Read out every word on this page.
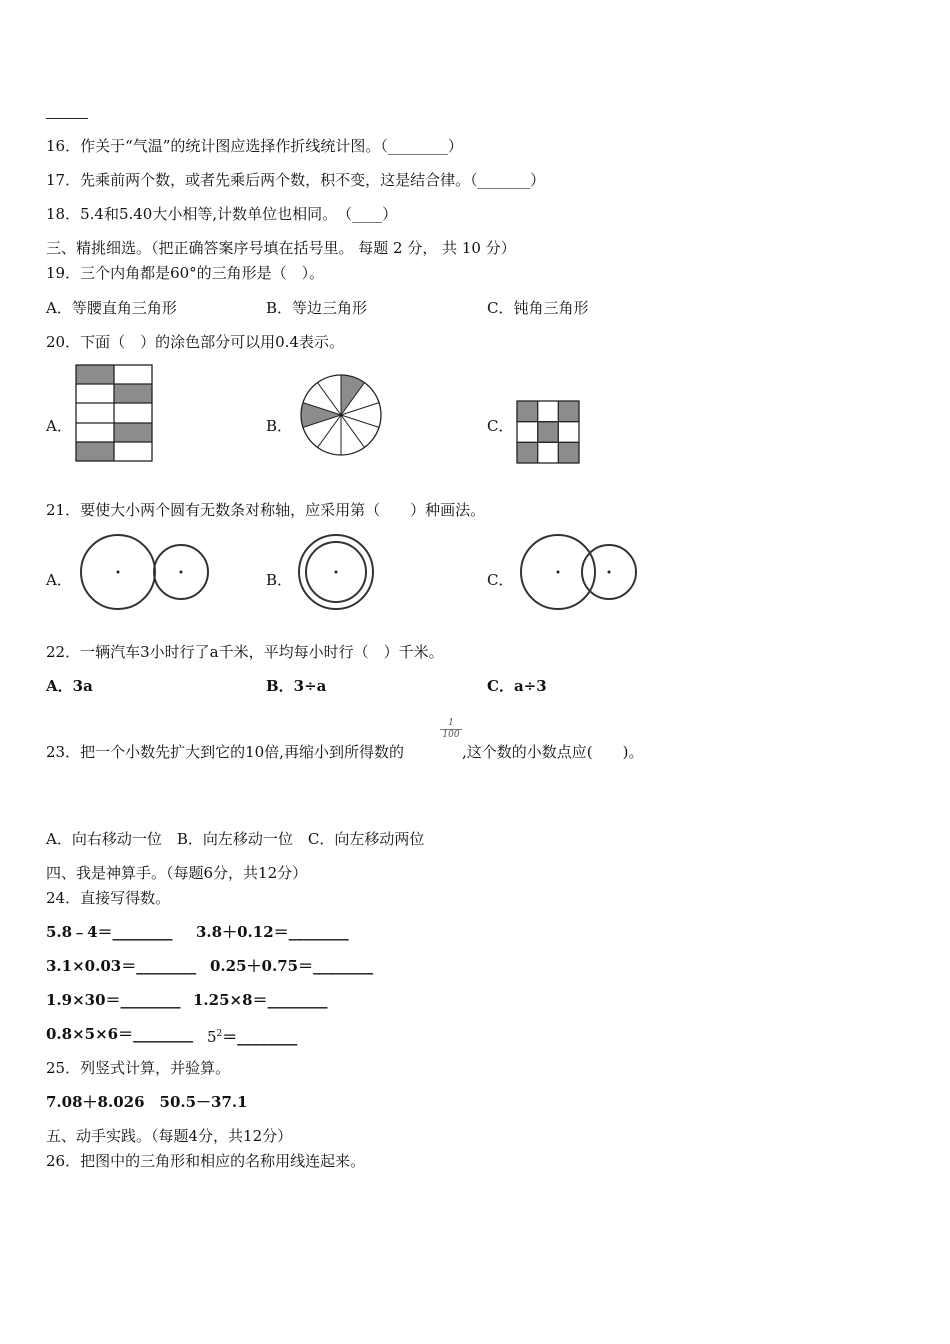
16．作关于“气温”的统计图应选择作折线统计图。（________）
17．先乘前两个数，或者先乘后两个数，积不变，这是结合律。（_______）
18．5.4和5.40大小相等,计数单位也相同。　（____）
三、精挑细选。（把正确答案序号填在括号里。 每题 2 分， 共 10 分）
19．三个内角都是60°的三角形是（　）。
A．等腰直角三角形	B．等边三角形	C．钝角三角形
20．下面（　）的涂色部分可以用0.4表示。
A．	B．	C．
21．要使大小两个圆有无数条对称轴，应采用第（　　）种画法。
A．	B．	C．
22．一辆汽车3小时行了a千米，平均每小时行（　）千米。
A．3a	B．3÷a	C．a÷3
23．把一个小数先扩大到它的10倍,再缩小到所得数的
$\frac{1}{100}$
,这个数的小数点应(　　)。
A．向右移动一位　B．向左移动一位　C．向左移动两位
四、我是神算手。（每题6分，共12分）
24．直接写得数。
5.8﹣4＝________ 3.8＋0.12＝________
3.1×0.03＝________ 0.25＋0.75＝________
1.9×30＝________ 1.25×8＝________
0.8×5×6＝________ $5^2=\_\_\_\_\_\_\_\_$
25．列竖式计算，并验算。
7.08＋8.026　50.5－37.1
五、动手实践。（每题4分，共12分）
26．把图中的三角形和相应的名称用线连起来。
